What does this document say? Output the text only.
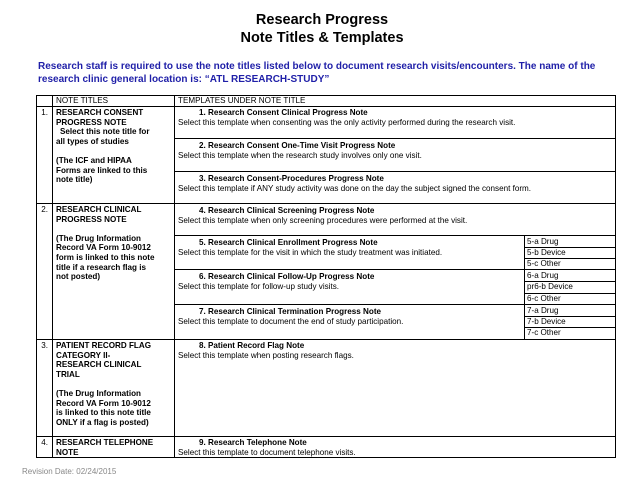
Research Progress
Note Titles & Templates
Research staff is required to use the note titles listed below to document research visits/encounters. The name of the research clinic general location is: “ATL RESEARCH-STUDY”
NOTE TITLES	TEMPLATES UNDER NOTE TITLE
1.
2.
3.
4.
RESEARCH CONSENT
PROGRESS NOTE
Select this note title for
all types of studies
(The ICF and HIPAA
Forms are linked to this
note title)
RESEARCH CLINICAL
PROGRESS NOTE
(The Drug Information
Record VA Form 10-9012
form is linked to this note
title if a research flag is
not posted)
PATIENT RECORD FLAG
CATEGORY II-
RESEARCH CLINICAL
TRIAL
(The Drug Information
Record VA Form 10-9012
is linked to this note title
ONLY if a flag is posted)
RESEARCH TELEPHONE
NOTE
1. Research Consent Clinical Progress Note
Select this template when consenting was the only activity performed during the research visit.
2. Research Consent One-Time Visit Progress Note
Select this template when the research study involves only one visit.
3. Research Consent-Procedures Progress Note
Select this template if ANY study activity was done on the day the subject signed the consent form.
4. Research Clinical Screening Progress Note
Select this template when only screening procedures were performed at the visit.
5. Research Clinical Enrollment Progress Note
Select this template for the visit in which the study treatment was initiated.
6. Research Clinical Follow-Up Progress Note
Select this template for follow-up study visits.
7. Research Clinical Termination Progress Note
Select this template to document the end of study participation.
8. Patient Record Flag Note
Select this template when posting research flags.
9. Research Telephone Note
Select this template to document telephone visits.
5-a Drug
5-b Device
5-c Other
6-a Drug
pr6-b Device
6-c Other
7-a Drug
7-b Device
7-c Other
Revision Date: 02/24/2015
